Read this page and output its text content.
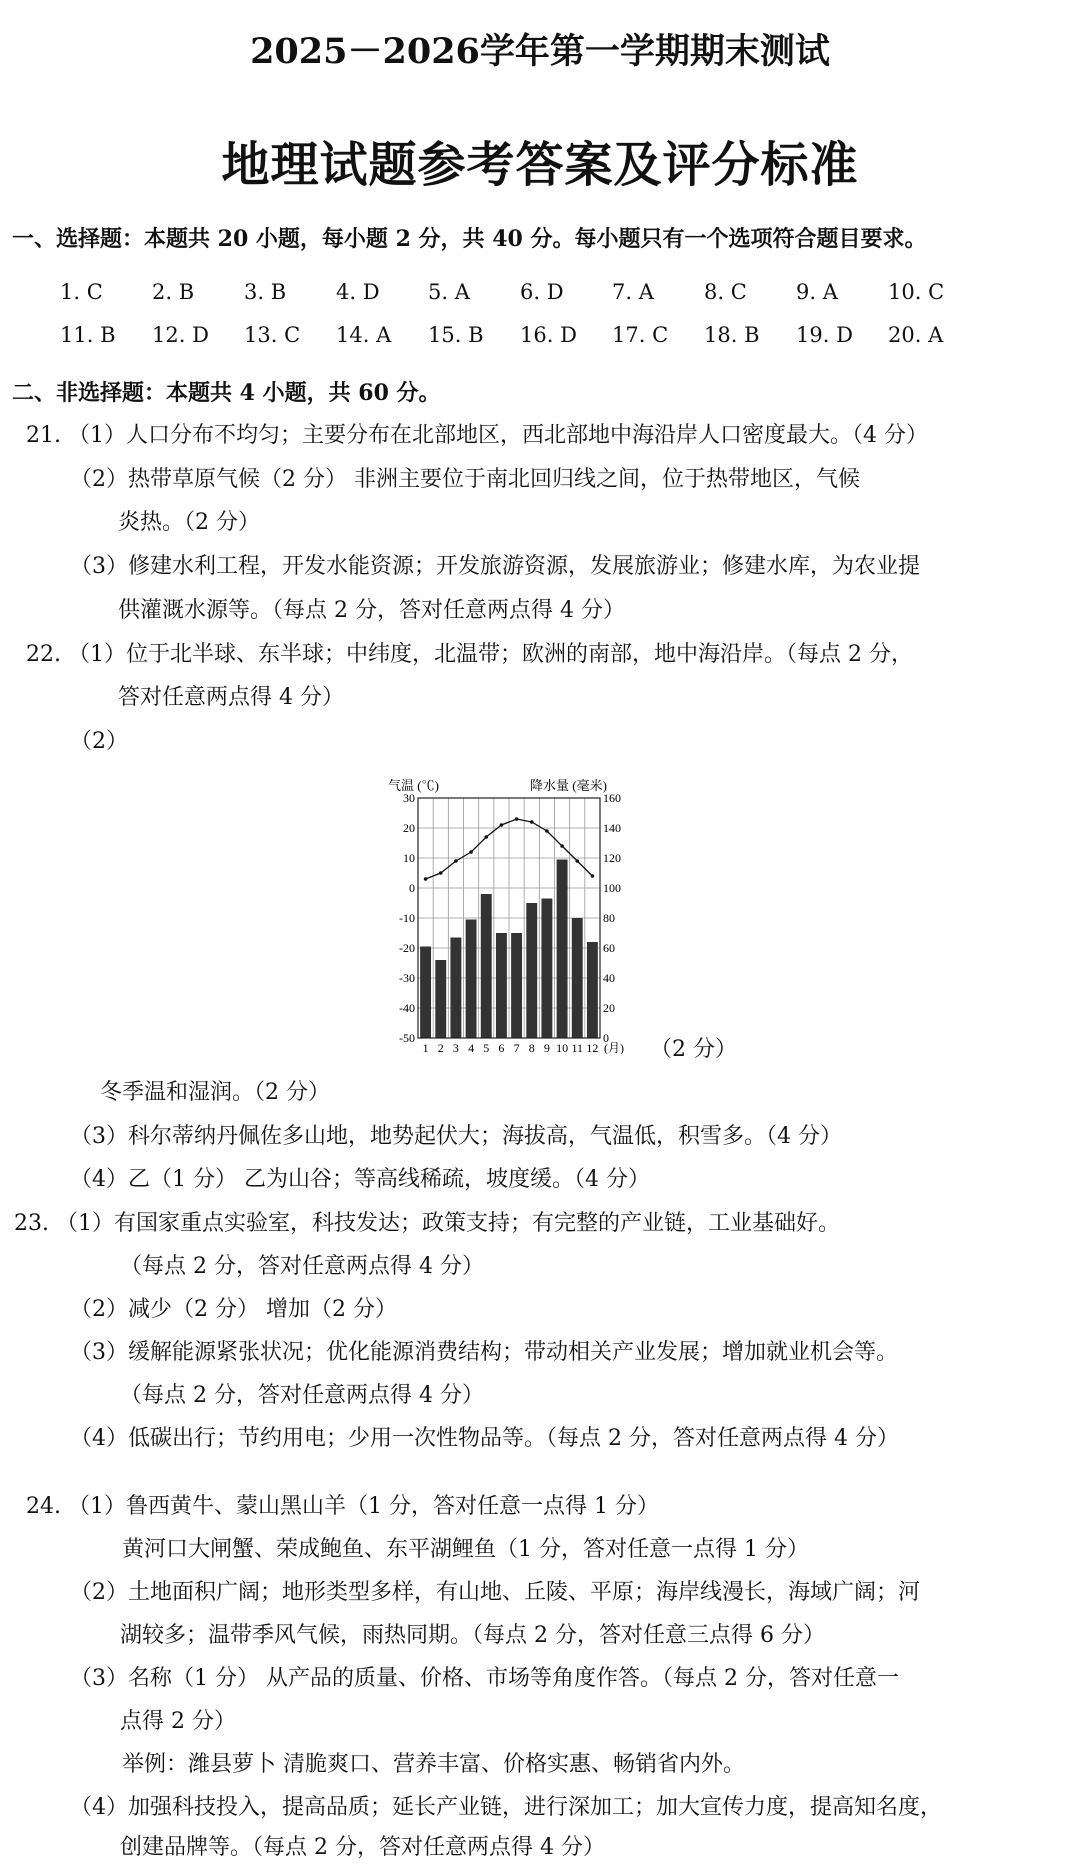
2025－2026学年第一学期期末测试
地理试题参考答案及评分标准
一、选择题：本题共 20 小题，每小题 2 分，共 40 分。每小题只有一个选项符合题目要求。
1. C 2. B 3. B 4. D 5. A 6. D 7. A 8. C 9. A 10. C
11. B 12. D 13. C 14. A 15. B 16. D 17. C 18. B 19. D 20. A
二、非选择题：本题共 4 小题，共 60 分。
21. （1）人口分布不均匀；主要分布在北部地区，西北部地中海沿岸人口密度最大。（4 分）
（2）热带草原气候（2 分） 非洲主要位于南北回归线之间，位于热带地区，气候
炎热。（2 分）
（3）修建水利工程，开发水能资源；开发旅游资源，发展旅游业；修建水库，为农业提
供灌溉水源等。（每点 2 分，答对任意两点得 4 分）
22. （1）位于北半球、东半球；中纬度，北温带；欧洲的南部，地中海沿岸。（每点 2 分，
答对任意两点得 4 分）
（2）
气温 (℃)	降水量 (毫米)
30
20
10
0
-10
-20
-30
-40
-50
160
140
120
100
80
60
40
20
0
1 2 3 4 5 6 7 8 9 10 11 12 (月) （2 分）
冬季温和湿润。（2 分）
（3）科尔蒂纳丹佩佐多山地，地势起伏大；海拔高，气温低，积雪多。（4 分）
（4）乙（1 分） 乙为山谷；等高线稀疏，坡度缓。（4 分）
23. （1）有国家重点实验室，科技发达；政策支持；有完整的产业链，工业基础好。
（每点 2 分，答对任意两点得 4 分）
（2）减少（2 分） 增加（2 分）
（3）缓解能源紧张状况；优化能源消费结构；带动相关产业发展；增加就业机会等。
（每点 2 分，答对任意两点得 4 分）
（4）低碳出行；节约用电；少用一次性物品等。（每点 2 分，答对任意两点得 4 分）
24. （1）鲁西黄牛、蒙山黑山羊（1 分，答对任意一点得 1 分）
黄河口大闸蟹、荣成鲍鱼、东平湖鲤鱼（1 分，答对任意一点得 1 分）
（2）土地面积广阔；地形类型多样，有山地、丘陵、平原；海岸线漫长，海域广阔；河
湖较多；温带季风气候，雨热同期。（每点 2 分，答对任意三点得 6 分）
（3）名称（1 分） 从产品的质量、价格、市场等角度作答。（每点 2 分，答对任意一
点得 2 分）
举例：潍县萝卜 清脆爽口、营养丰富、价格实惠、畅销省内外。
（4）加强科技投入，提高品质；延长产业链，进行深加工；加大宣传力度，提高知名度，
创建品牌等。（每点 2 分，答对任意两点得 4 分）
